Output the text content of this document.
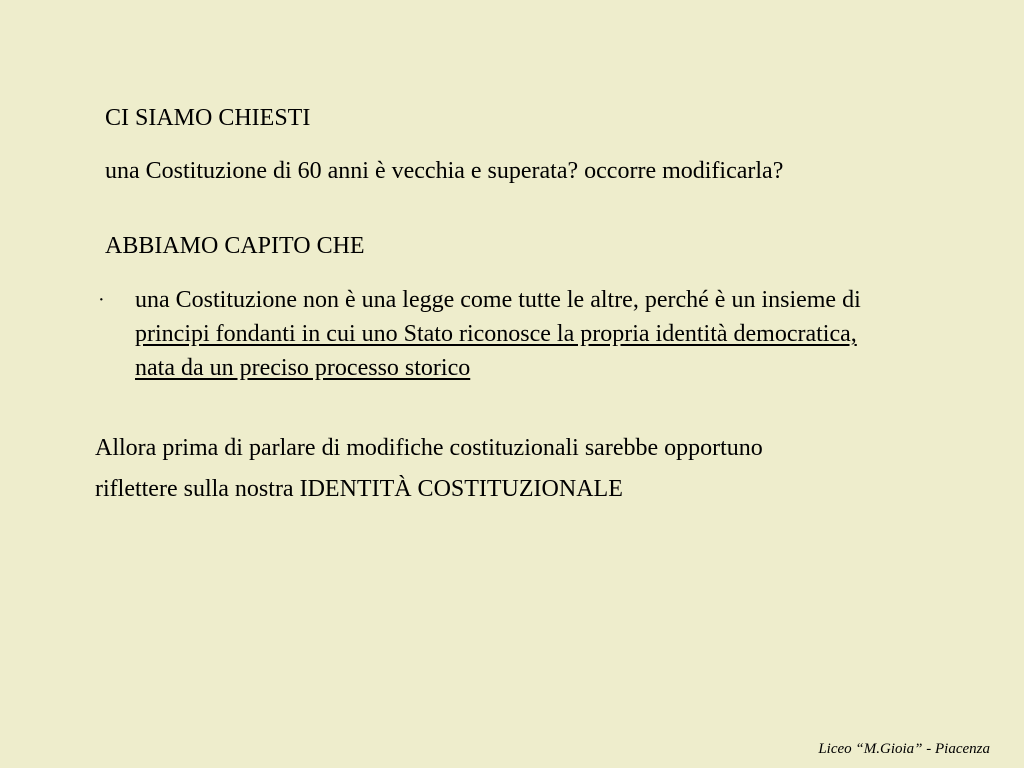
CI SIAMO CHIESTI
una Costituzione di 60 anni è vecchia e superata? occorre modificarla?
ABBIAMO CAPITO CHE
· una Costituzione non è una legge come tutte le altre, perché è un insieme di principi fondanti in cui uno Stato riconosce la propria identità democratica, nata da un preciso processo storico
Allora prima di parlare di modifiche costituzionali sarebbe opportuno
riflettere sulla nostra IDENTITÀ COSTITUZIONALE
Liceo “M.Gioia” - Piacenza
